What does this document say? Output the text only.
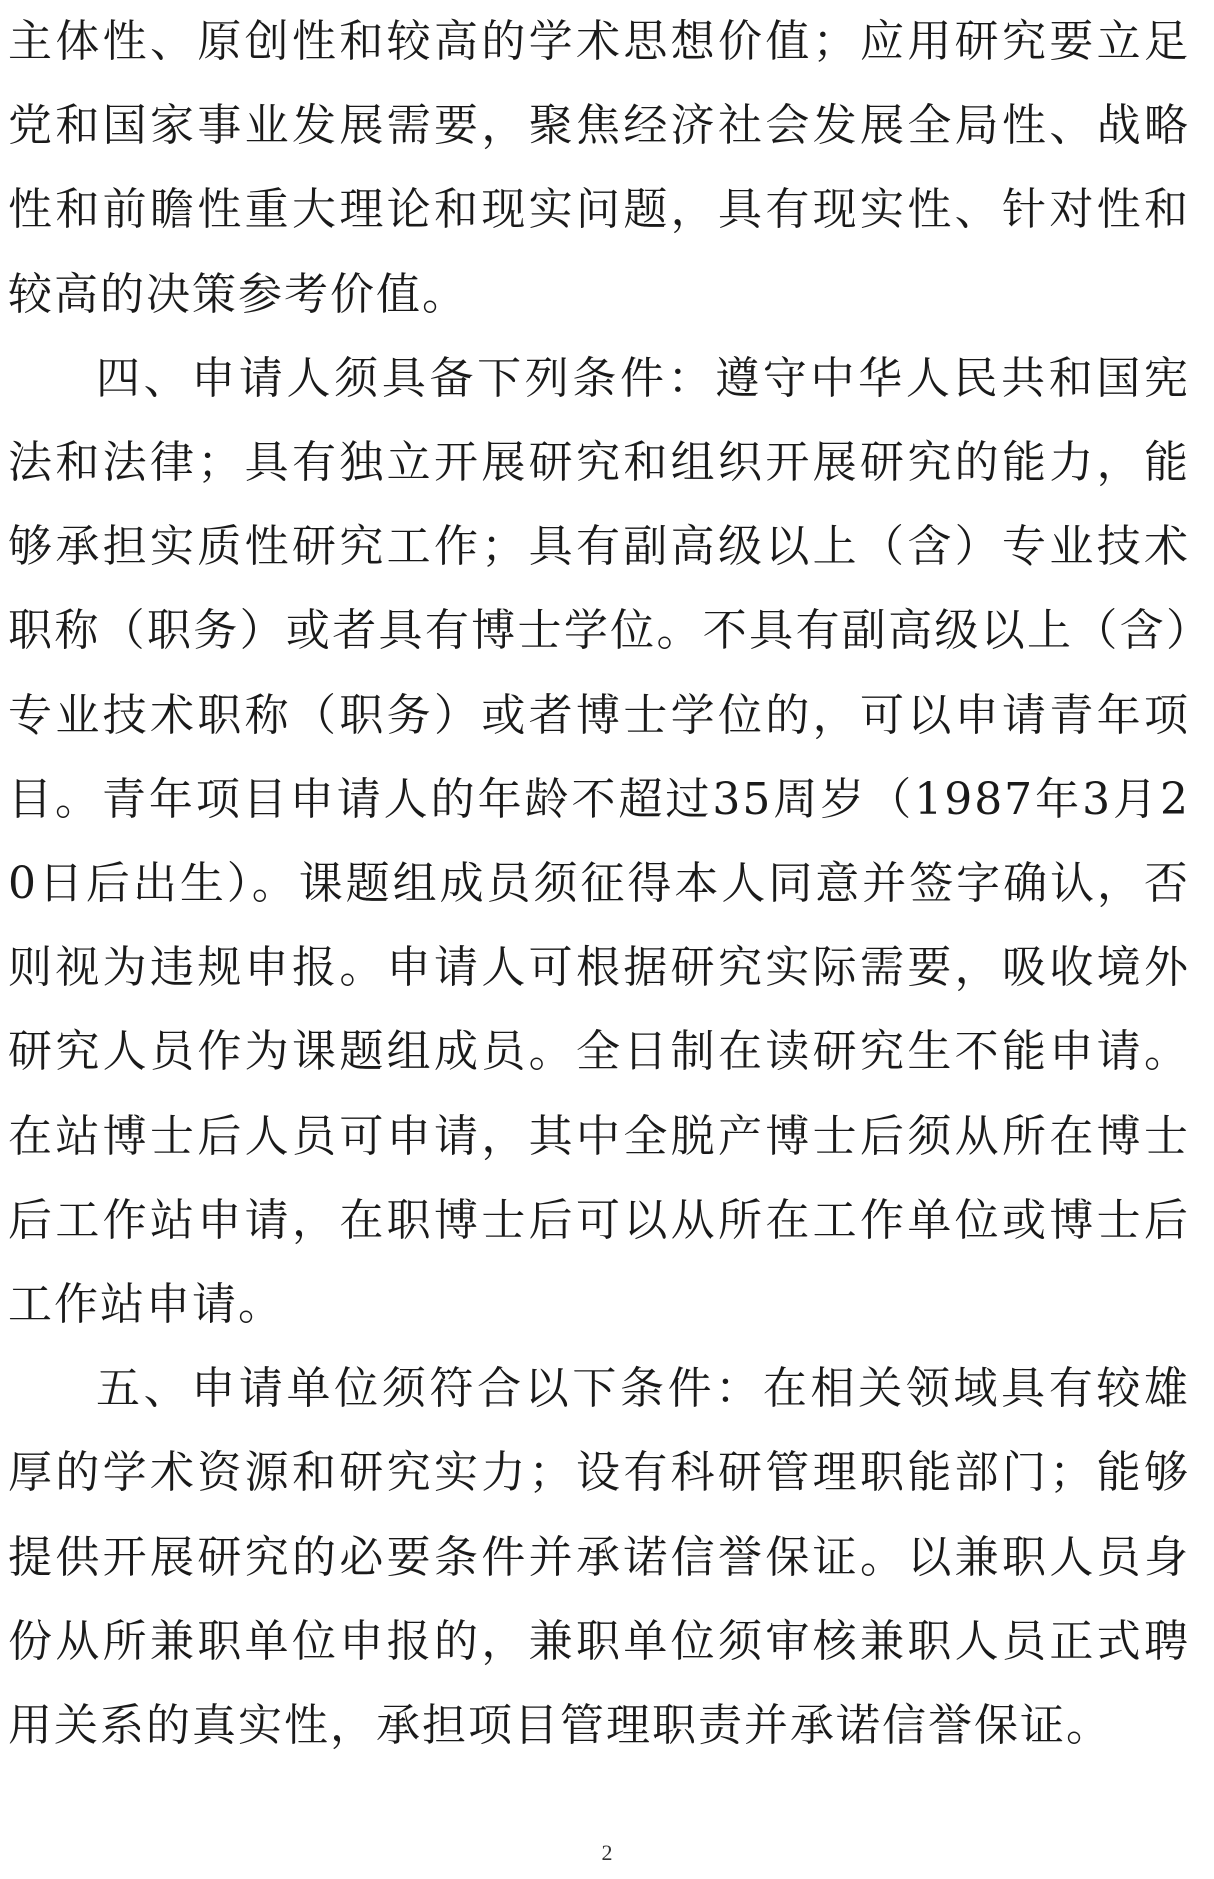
主体性、原创性和较高的学术思想价值；应用研究要立足党和国家事业发展需要，聚焦经济社会发展全局性、战略性和前瞻性重大理论和现实问题，具有现实性、针对性和较高的决策参考价值。

四、申请人须具备下列条件：遵守中华人民共和国宪法和法律；具有独立开展研究和组织开展研究的能力，能够承担实质性研究工作；具有副高级以上（含）专业技术职称（职务）或者具有博士学位。不具有副高级以上（含）专业技术职称（职务）或者博士学位的，可以申请青年项目。青年项目申请人的年龄不超过35周岁（1987年3月20日后出生）。课题组成员须征得本人同意并签字确认，否则视为违规申报。申请人可根据研究实际需要，吸收境外研究人员作为课题组成员。全日制在读研究生不能申请。在站博士后人员可申请，其中全脱产博士后须从所在博士后工作站申请，在职博士后可以从所在工作单位或博士后工作站申请。

五、申请单位须符合以下条件：在相关领域具有较雄厚的学术资源和研究实力；设有科研管理职能部门；能够提供开展研究的必要条件并承诺信誉保证。以兼职人员身份从所兼职单位申报的，兼职单位须审核兼职人员正式聘用关系的真实性，承担项目管理职责并承诺信誉保证。

2
